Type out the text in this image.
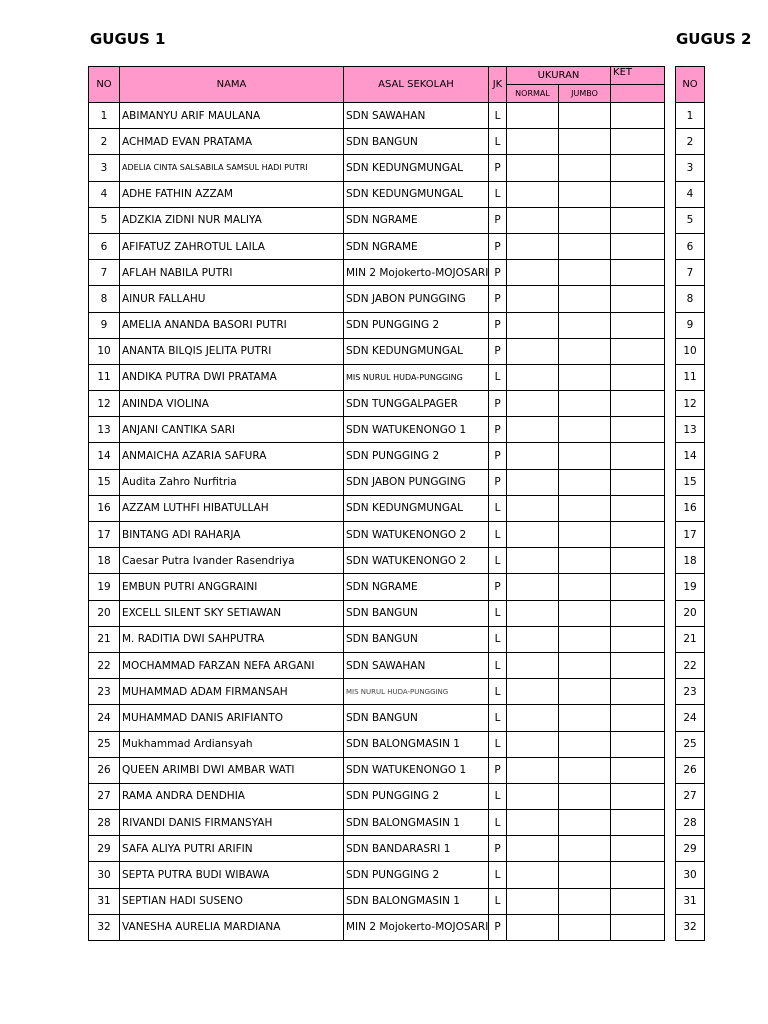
GUGUS 1	GUGUS 2
NO	NAMA	ASAL SEKOLAH	JK	UKURAN		KET
				NORMAL	JUMBO	
1	ABIMANYU ARIF MAULANA	SDN SAWAHAN	L			
2	ACHMAD EVAN PRATAMA	SDN BANGUN	L			
3	ADELIA CINTA SALSABILA SAMSUL HADI PUTRI	SDN KEDUNGMUNGAL	P			
4	ADHE FATHIN AZZAM	SDN KEDUNGMUNGAL	L			
5	ADZKIA ZIDNI NUR MALIYA	SDN NGRAME	P			
6	AFIFATUZ ZAHROTUL LAILA	SDN NGRAME	P			
7	AFLAH NABILA PUTRI	MIN 2 Mojokerto-MOJOSARI	P			
8	AINUR FALLAHU	SDN JABON PUNGGING	P			
9	AMELIA ANANDA BASORI PUTRI	SDN PUNGGING 2	P			
10	ANANTA BILQIS JELITA PUTRI	SDN KEDUNGMUNGAL	P			
11	ANDIKA PUTRA DWI PRATAMA	MIS NURUL HUDA-PUNGGING	L			
12	ANINDA VIOLINA	SDN TUNGGALPAGER	P			
13	ANJANI CANTIKA SARI	SDN WATUKENONGO 1	P			
14	ANMAICHA AZARIA SAFURA	SDN PUNGGING 2	P			
15	Audita Zahro Nurfitria	SDN JABON PUNGGING	P			
16	AZZAM LUTHFI HIBATULLAH	SDN KEDUNGMUNGAL	L			
17	BINTANG ADI RAHARJA	SDN WATUKENONGO 2	L			
18	Caesar Putra Ivander Rasendriya	SDN WATUKENONGO 2	L			
19	EMBUN PUTRI ANGGRAINI	SDN NGRAME	P			
20	EXCELL SILENT SKY SETIAWAN	SDN BANGUN	L			
21	M. RADITIA DWI SAHPUTRA	SDN BANGUN	L			
22	MOCHAMMAD FARZAN NEFA ARGANI	SDN SAWAHAN	L			
23	MUHAMMAD ADAM FIRMANSAH	MIS NURUL HUDA-PUNGGING	L			
24	MUHAMMAD DANIS ARIFIANTO	SDN BANGUN	L			
25	Mukhammad Ardiansyah	SDN BALONGMASIN 1	L			
26	QUEEN ARIMBI DWI AMBAR WATI	SDN WATUKENONGO 1	P			
27	RAMA ANDRA DENDHIA	SDN PUNGGING 2	L			
28	RIVANDI DANIS FIRMANSYAH	SDN BALONGMASIN 1	L			
29	SAFA ALIYA PUTRI ARIFIN	SDN BANDARASRI 1	P			
30	SEPTA PUTRA BUDI WIBAWA	SDN PUNGGING 2	L			
31	SEPTIAN HADI SUSENO	SDN BALONGMASIN 1	L			
32	VANESHA AURELIA MARDIANA	MIN 2 Mojokerto-MOJOSARI	P			
NO
1
2
3
4
5
6
7
8
9
10
11
12
13
14
15
16
17
18
19
20
21
22
23
24
25
26
27
28
29
30
31
32
